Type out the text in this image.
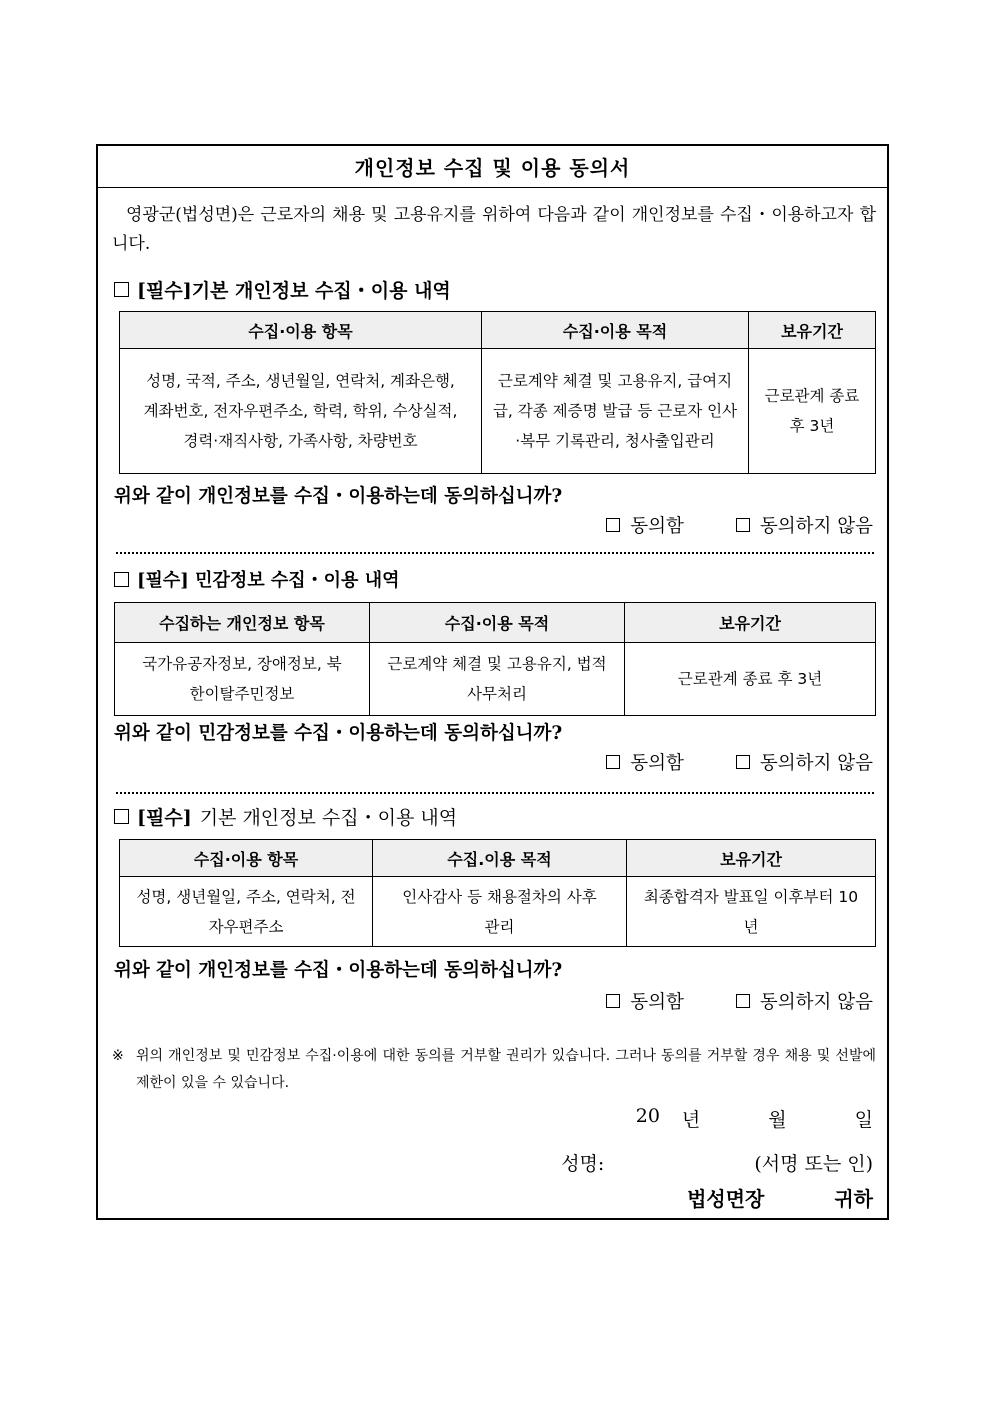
개인정보 수집 및 이용 동의서
영광군(법성면)은 근로자의 채용 및 고용유지를 위하여 다음과 같이 개인정보를 수집・이용하고자 합니다.
[필수]기본 개인정보 수집・이용 내역
수집·이용 항목	수집·이용 목적	보유기간
성명, 국적, 주소, 생년월일, 연락처, 계좌은행, 계좌번호, 전자우편주소, 학력, 학위, 수상실적, 경력·재직사항, 가족사항, 차량번호	근로계약 체결 및 고용유지, 급여지급, 각종 제증명 발급 등 근로자 인사·복무 기록관리, 청사출입관리	근로관계 종료 후 3년
위와 같이 개인정보를 수집・이용하는데 동의하십니까?
동의함	동의하지 않음
[필수] 민감정보 수집・이용 내역
수집하는 개인정보 항목	수집·이용 목적	보유기간
국가유공자정보, 장애정보, 북한이탈주민정보	근로계약 체결 및 고용유지, 법적사무처리	근로관계 종료 후 3년
위와 같이 민감정보를 수집・이용하는데 동의하십니까?
동의함	동의하지 않음
[필수] 기본 개인정보 수집・이용 내역
수집·이용 항목	수집.이용 목적	보유기간
성명, 생년월일, 주소, 연락처, 전자우편주소	인사감사 등 채용절차의 사후관리	최종합격자 발표일 이후부터 10년
위와 같이 개인정보를 수집・이용하는데 동의하십니까?
동의함	동의하지 않음
※ 위의 개인정보 및 민감정보 수집·이용에 대한 동의를 거부할 권리가 있습니다. 그러나 동의를 거부할 경우 채용 및 선발에 제한이 있을 수 있습니다.
20 년	월	일
성명:	(서명 또는 인)
법성면장	귀하
